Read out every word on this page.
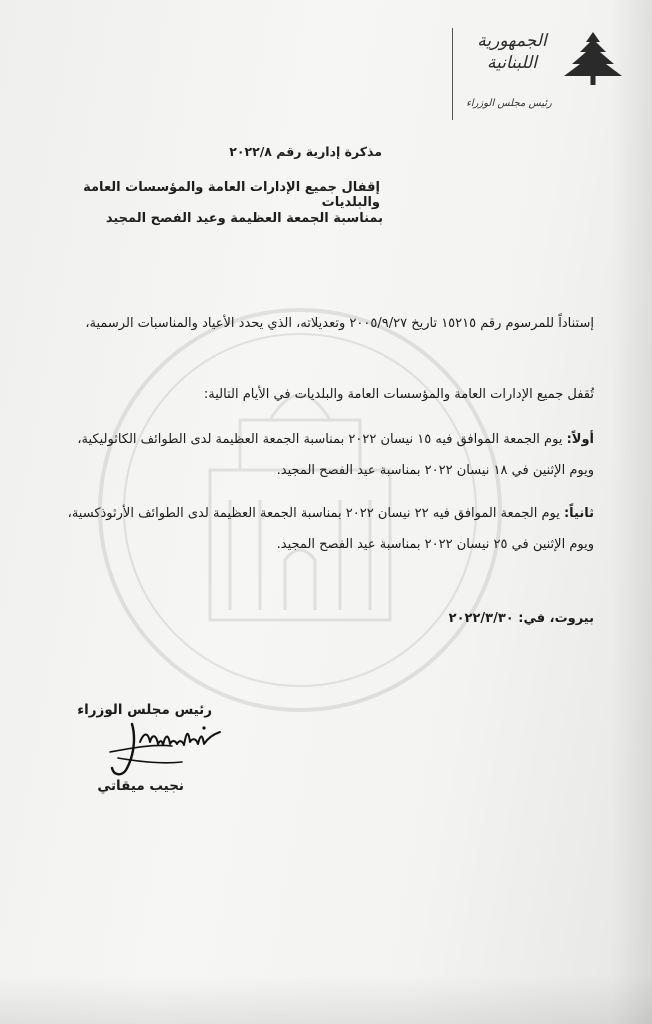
الجمهورية اللبنانية
رئيس مجلس الوزراء
مذكرة إدارية رقم ٢٠٢٢/٨
إقفال جميع الإدارات العامة والمؤسسات العامة والبلديات
بمناسبة الجمعة العظيمة وعيد الفصح المجيد
إستناداً للمرسوم رقم ١٥٢١٥ تاريخ ٢٠٠٥/٩/٢٧ وتعديلاته، الذي يحدد الأعياد والمناسبات الرسمية،
تُقفل جميع الإدارات العامة والمؤسسات العامة والبلديات في الأيام التالية:
أولاً: يوم الجمعة الموافق فيه ١٥ نيسان ٢٠٢٢ بمناسبة الجمعة العظيمة لدى الطوائف الكاثوليكية، ويوم الإثنين في ١٨ نيسان ٢٠٢٢ بمناسبة عيد الفصح المجيد.
ثانياً: يوم الجمعة الموافق فيه ٢٢ نيسان ٢٠٢٢ بمناسبة الجمعة العظيمة لدى الطوائف الأرثوذكسية، ويوم الإثنين في ٢٥ نيسان ٢٠٢٢ بمناسبة عيد الفصح المجيد.
بيروت، في: ٢٠٢٢/٣/٣٠
رئيس مجلس الوزراء
نجيب ميقاتي
